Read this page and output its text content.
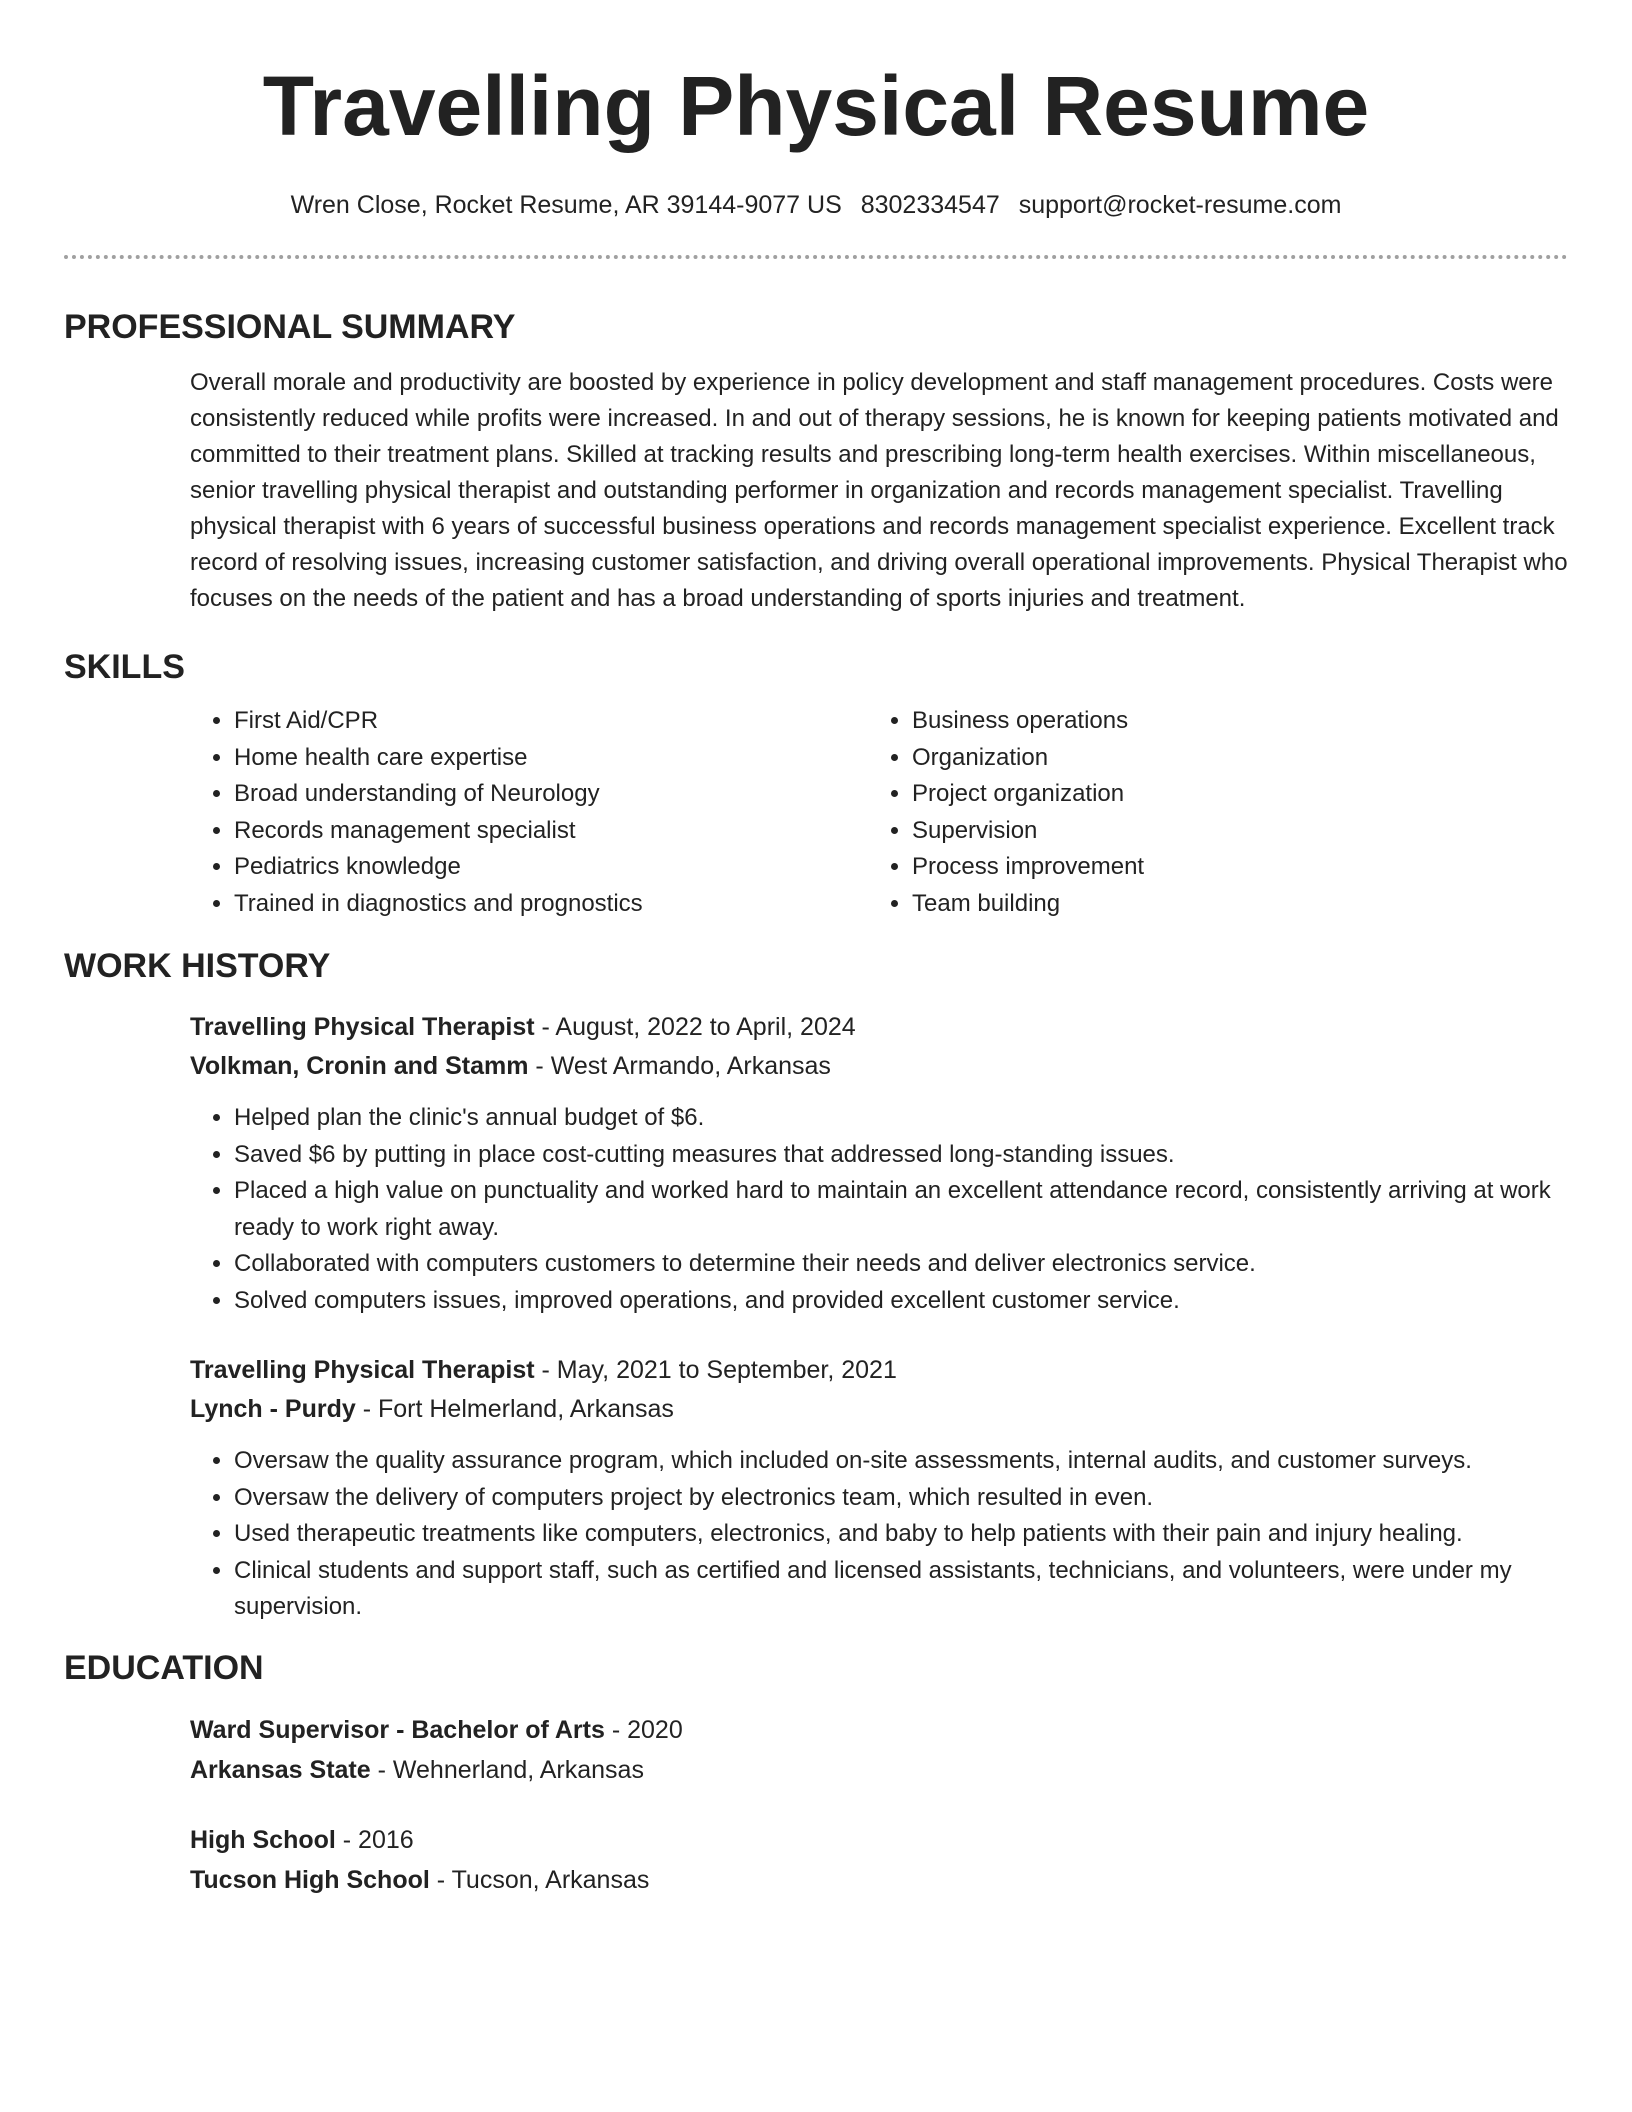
Travelling Physical Resume
Wren Close, Rocket Resume, AR 39144-9077 US 8302334547 support@rocket-resume.com
PROFESSIONAL SUMMARY

Overall morale and productivity are boosted by experience in policy development and staff management procedures. Costs were consistently reduced while profits were increased. In and out of therapy sessions, he is known for keeping patients motivated and committed to their treatment plans. Skilled at tracking results and prescribing long-term health exercises. Within miscellaneous, senior travelling physical therapist and outstanding performer in organization and records management specialist. Travelling physical therapist with 6 years of successful business operations and records management specialist experience. Excellent track record of resolving issues, increasing customer satisfaction, and driving overall operational improvements. Physical Therapist who focuses on the needs of the patient and has a broad understanding of sports injuries and treatment.

SKILLS
• First Aid/CPR
• Home health care expertise
• Broad understanding of Neurology
• Records management specialist
• Pediatrics knowledge
• Trained in diagnostics and prognostics
• Business operations
• Organization
• Project organization
• Supervision
• Process improvement
• Team building
WORK HISTORY
Travelling Physical Therapist - August, 2022 to April, 2024
Volkman, Cronin and Stamm - West Armando, Arkansas
• Helped plan the clinic's annual budget of $6.
• Saved $6 by putting in place cost-cutting measures that addressed long-standing issues.
• Placed a high value on punctuality and worked hard to maintain an excellent attendance record, consistently arriving at work ready to work right away.
• Collaborated with computers customers to determine their needs and deliver electronics service.
• Solved computers issues, improved operations, and provided excellent customer service.
Travelling Physical Therapist - May, 2021 to September, 2021
Lynch - Purdy - Fort Helmerland, Arkansas
• Oversaw the quality assurance program, which included on-site assessments, internal audits, and customer surveys.
• Oversaw the delivery of computers project by electronics team, which resulted in even.
• Used therapeutic treatments like computers, electronics, and baby to help patients with their pain and injury healing.
• Clinical students and support staff, such as certified and licensed assistants, technicians, and volunteers, were under my supervision.
EDUCATION
Ward Supervisor - Bachelor of Arts - 2020
Arkansas State - Wehnerland, Arkansas
High School - 2016
Tucson High School - Tucson, Arkansas
